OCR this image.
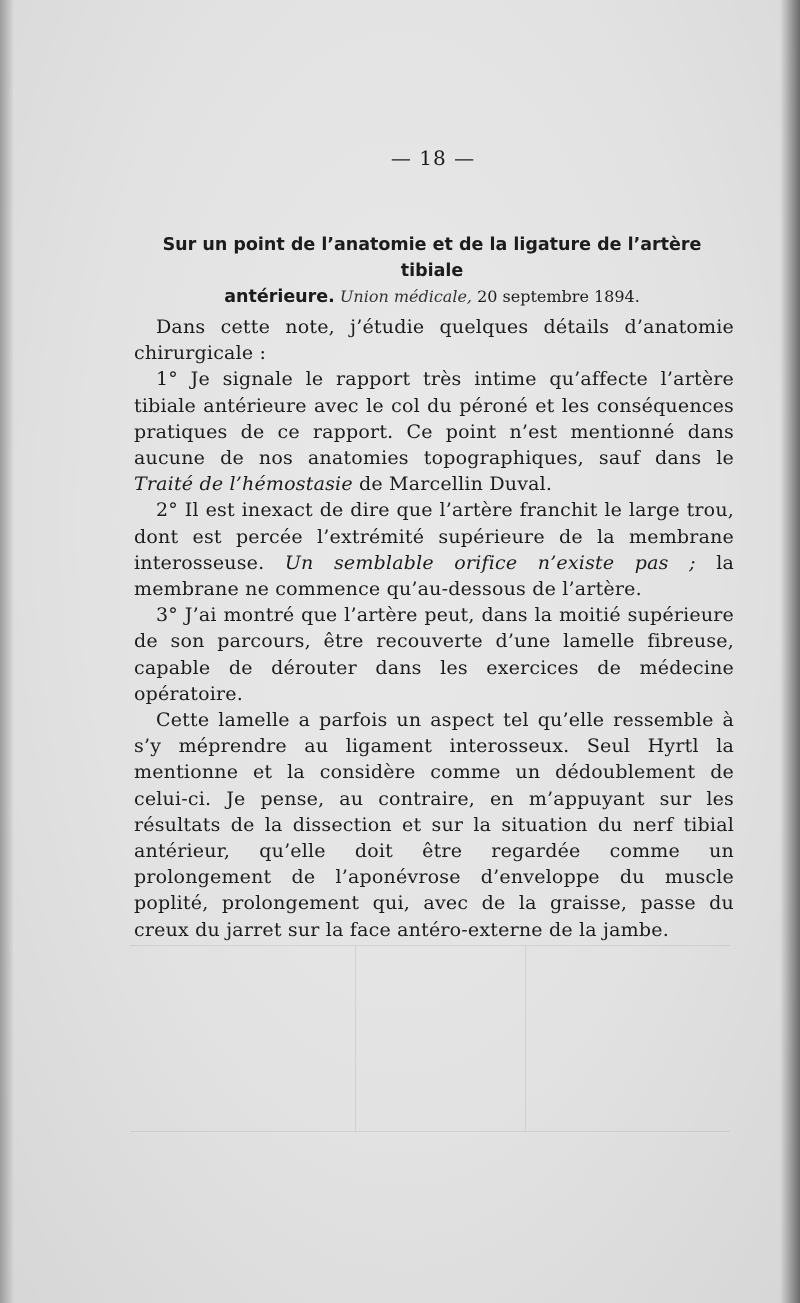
— 18 —
Sur un point de l’anatomie et de la ligature de l’artère tibiale
antérieure. Union médicale, 20 septembre 1894.

Dans cette note, j’étudie quelques détails d’anatomie chirurgicale :

1° Je signale le rapport très intime qu’affecte l’artère tibiale antérieure avec le col du péroné et les conséquences pratiques de ce rapport. Ce point n’est mentionné dans aucune de nos anatomies topographiques, sauf dans le Traité de l’hémostasie de Marcellin Duval.

2° Il est inexact de dire que l’artère franchit le large trou, dont est percée l’extrémité supérieure de la membrane interosseuse. Un semblable orifice n’existe pas ; la membrane ne commence qu’au-dessous de l’artère.

3° J’ai montré que l’artère peut, dans la moitié supérieure de son parcours, être recouverte d’une lamelle fibreuse, capable de dérouter dans les exercices de médecine opératoire.

Cette lamelle a parfois un aspect tel qu’elle ressemble à s’y méprendre au ligament interosseux. Seul Hyrtl la mentionne et la considère comme un dédoublement de celui-ci. Je pense, au contraire, en m’appuyant sur les résultats de la dissection et sur la situation du nerf tibial antérieur, qu’elle doit être regardée comme un prolongement de l’aponévrose d’enveloppe du muscle poplité, prolongement qui, avec de la graisse, passe du creux du jarret sur la face antéro-externe de la jambe.
